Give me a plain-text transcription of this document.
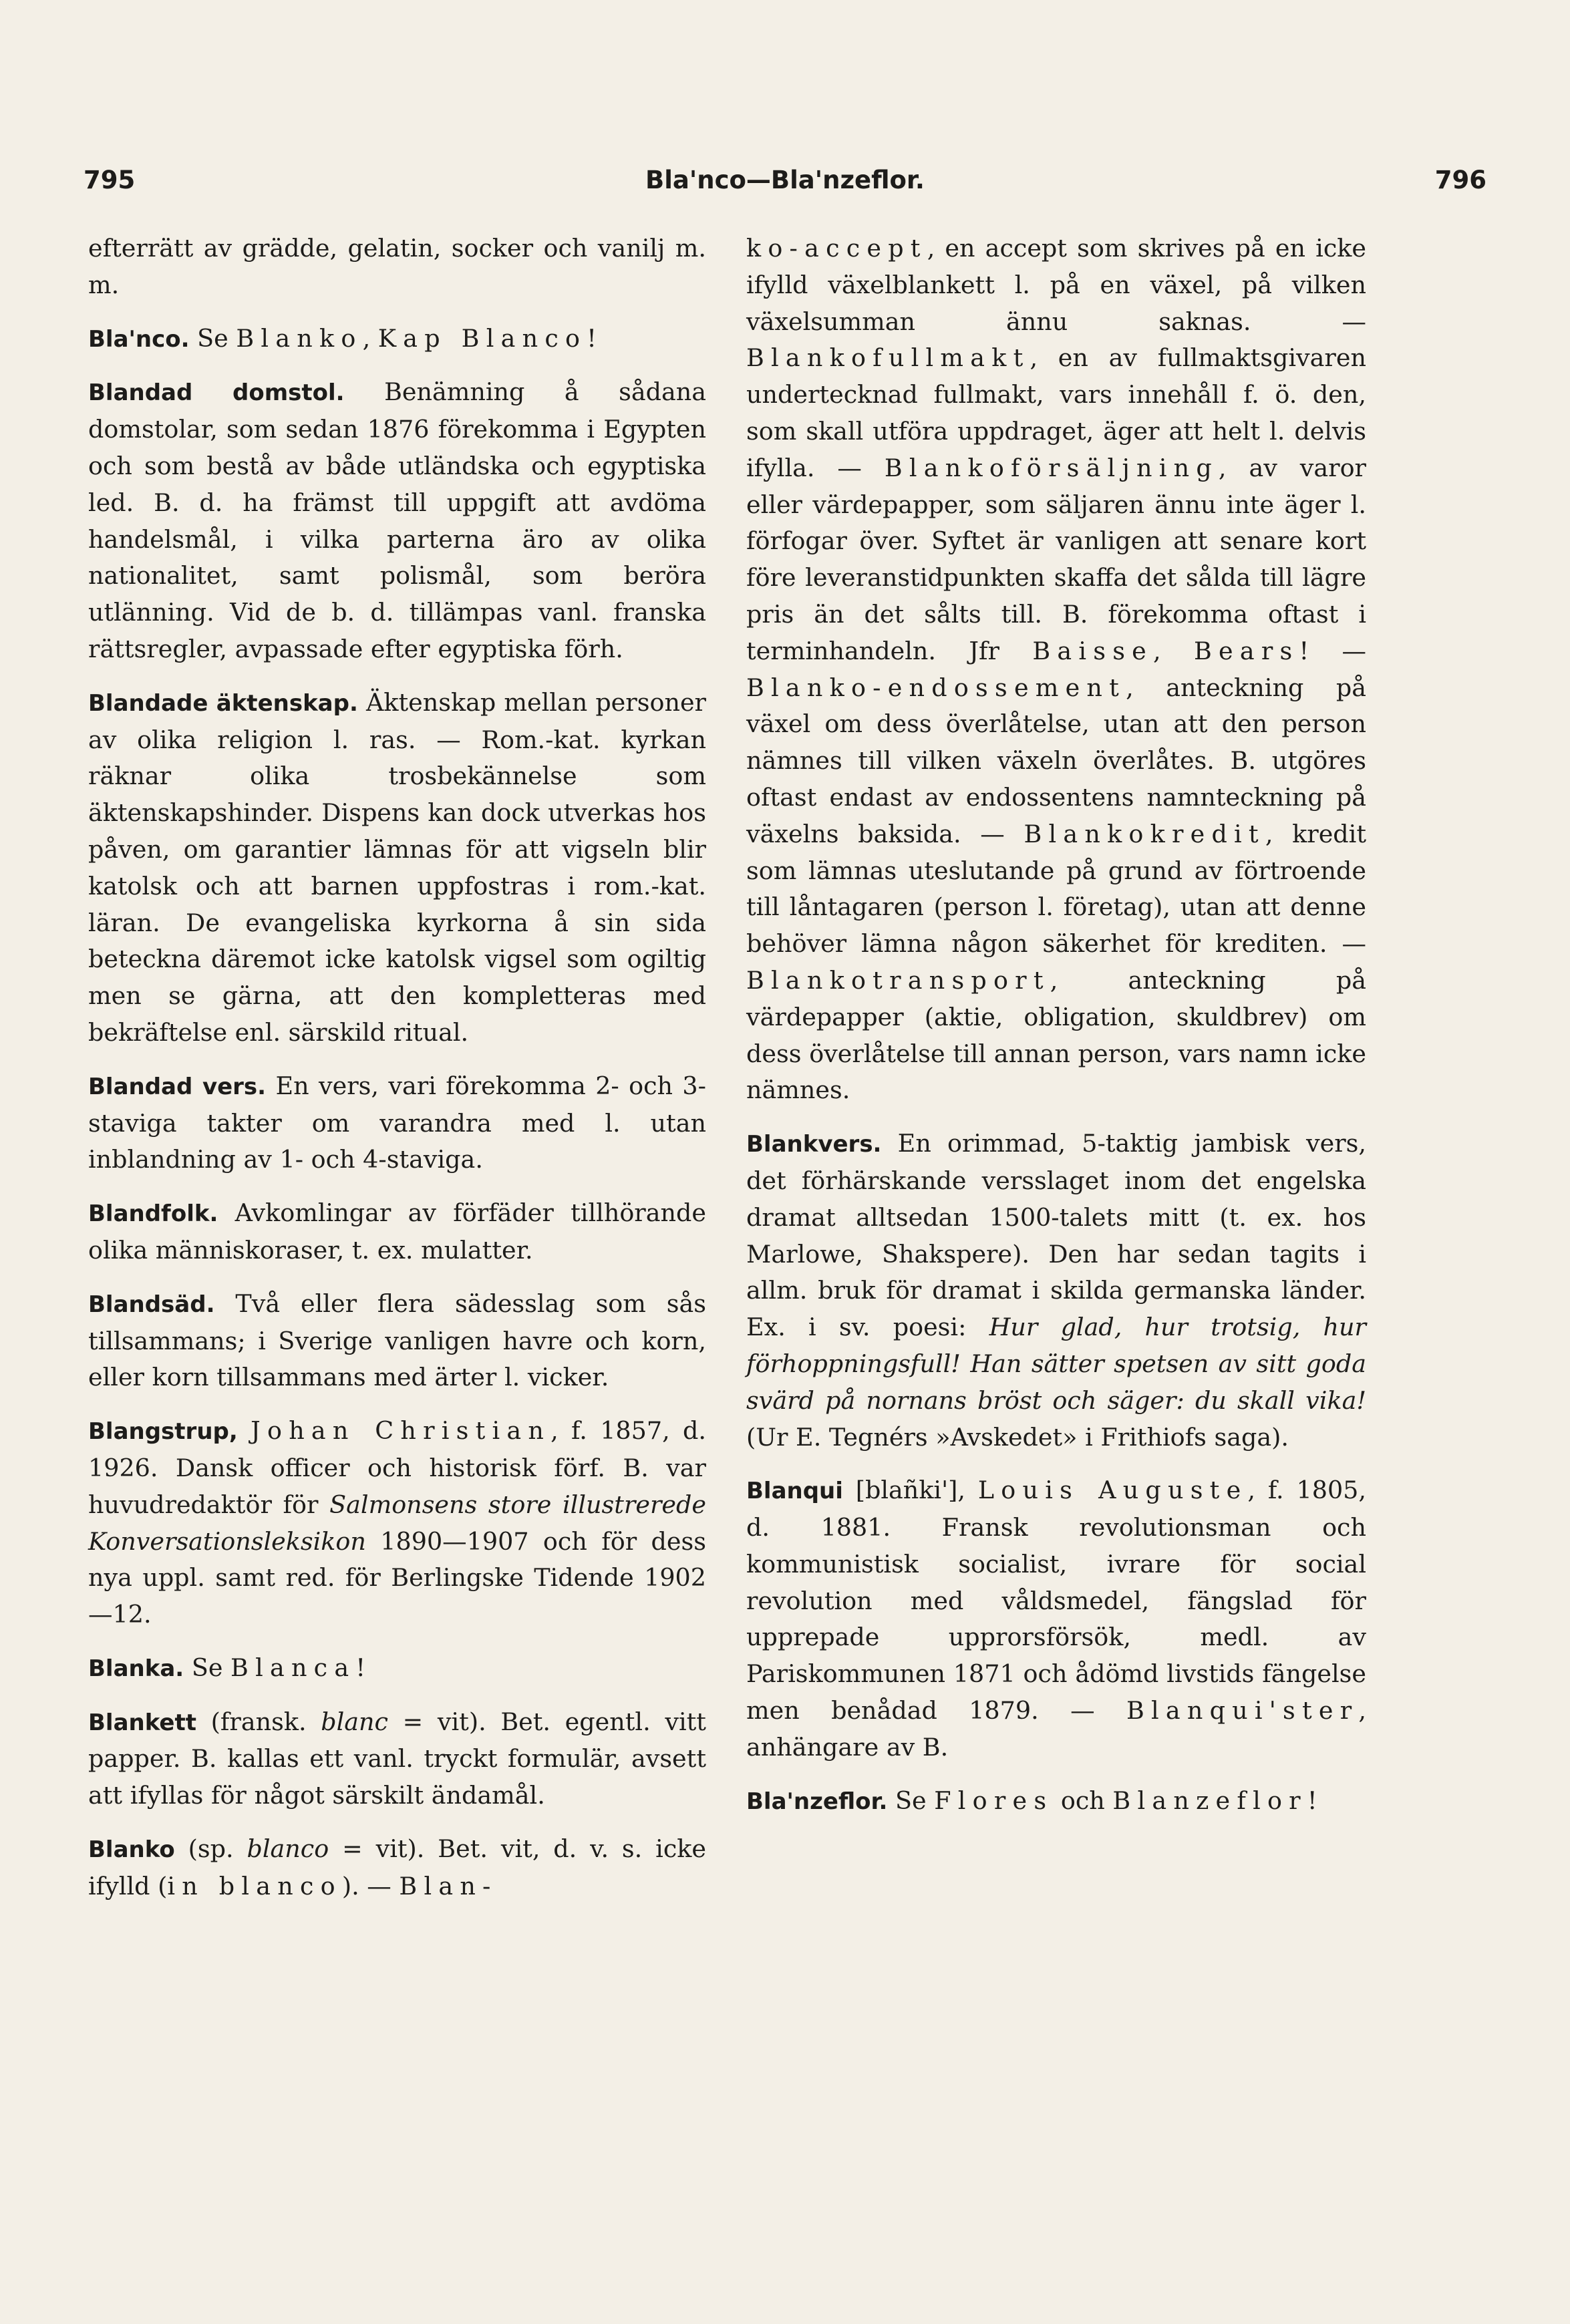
795	Bla'nco—Bla'nzeflor.	796

efterrätt av grädde, gelatin, socker och vanilj m. m.

Bla'nco. Se Blanko, Kap Blanco!

Blandad domstol. Benämning å sådana domstolar, som sedan 1876 förekomma i Egypten och som bestå av både utländska och egyptiska led. B. d. ha främst till uppgift att avdöma handelsmål, i vilka parterna äro av olika nationalitet, samt polismål, som beröra utlänning. Vid de b. d. tillämpas vanl. franska rättsregler, avpassade efter egyptiska förh.

Blandade äktenskap. Äktenskap mellan personer av olika religion l. ras. — Rom.-kat. kyrkan räknar olika trosbekännelse som äktenskapshinder. Dispens kan dock utverkas hos påven, om garantier lämnas för att vigseln blir katolsk och att barnen uppfostras i rom.-kat. läran. De evangeliska kyrkorna å sin sida beteckna däremot icke katolsk vigsel som ogiltig men se gärna, att den kompletteras med bekräftelse enl. särskild ritual.

Blandad vers. En vers, vari förekomma 2- och 3-staviga takter om varandra med l. utan inblandning av 1- och 4-staviga.

Blandfolk. Avkomlingar av förfäder tillhörande olika människoraser, t. ex. mulatter.

Blandsäd. Två eller flera sädesslag som sås tillsammans; i Sverige vanligen havre och korn, eller korn tillsammans med ärter l. vicker.

Blangstrup, Johan Christian, f. 1857, d. 1926. Dansk officer och historisk förf. B. var huvudredaktör för Salmonsens store illustrerede Konversationsleksikon 1890—1907 och för dess nya uppl. samt red. för Berlingske Tidende 1902—12.

Blanka. Se Blanca!

Blankett (fransk. blanc = vit). Bet. egentl. vitt papper. B. kallas ett vanl. tryckt formulär, avsett att ifyllas för något särskilt ändamål.

Blanko (sp. blanco = vit). Bet. vit, d. v. s. icke ifylld (in blanco). — Blan-

ko-accept, en accept som skrives på en icke ifylld växelblankett l. på en växel, på vilken växelsumman ännu saknas. — Blankofullmakt, en av fullmaktsgivaren undertecknad fullmakt, vars innehåll f. ö. den, som skall utföra uppdraget, äger att helt l. delvis ifylla. — Blankoförsäljning, av varor eller värdepapper, som säljaren ännu inte äger l. förfogar över. Syftet är vanligen att senare kort före leveranstidpunkten skaffa det sålda till lägre pris än det sålts till. B. förekomma oftast i terminhandeln. Jfr Baisse, Bears! — Blanko-endossement, anteckning på växel om dess överlåtelse, utan att den person nämnes till vilken växeln överlåtes. B. utgöres oftast endast av endossentens namnteckning på växelns baksida. — Blankokredit, kredit som lämnas uteslutande på grund av förtroende till låntagaren (person l. företag), utan att denne behöver lämna någon säkerhet för krediten. — Blankotransport, anteckning på värdepapper (aktie, obligation, skuldbrev) om dess överlåtelse till annan person, vars namn icke nämnes.

Blankvers. En orimmad, 5-taktig jambisk vers, det förhärskande versslaget inom det engelska dramat alltsedan 1500-talets mitt (t. ex. hos Marlowe, Shakspere). Den har sedan tagits i allm. bruk för dramat i skilda germanska länder. Ex. i sv. poesi: Hur glad, hur trotsig, hur förhoppningsfull! Han sätter spetsen av sitt goda svärd på nornans bröst och säger: du skall vika! (Ur E. Tegnérs »Avskedet» i Frithiofs saga).

Blanqui [blañki'], Louis Auguste, f. 1805, d. 1881. Fransk revolutionsman och kommunistisk socialist, ivrare för social revolution med våldsmedel, fängslad för upprepade upprorsförsök, medl. av Pariskommunen 1871 och ådömd livstids fängelse men benådad 1879. — Blanqui'ster, anhängare av B.

Bla'nzeflor. Se Flores och Blanzeflor!
